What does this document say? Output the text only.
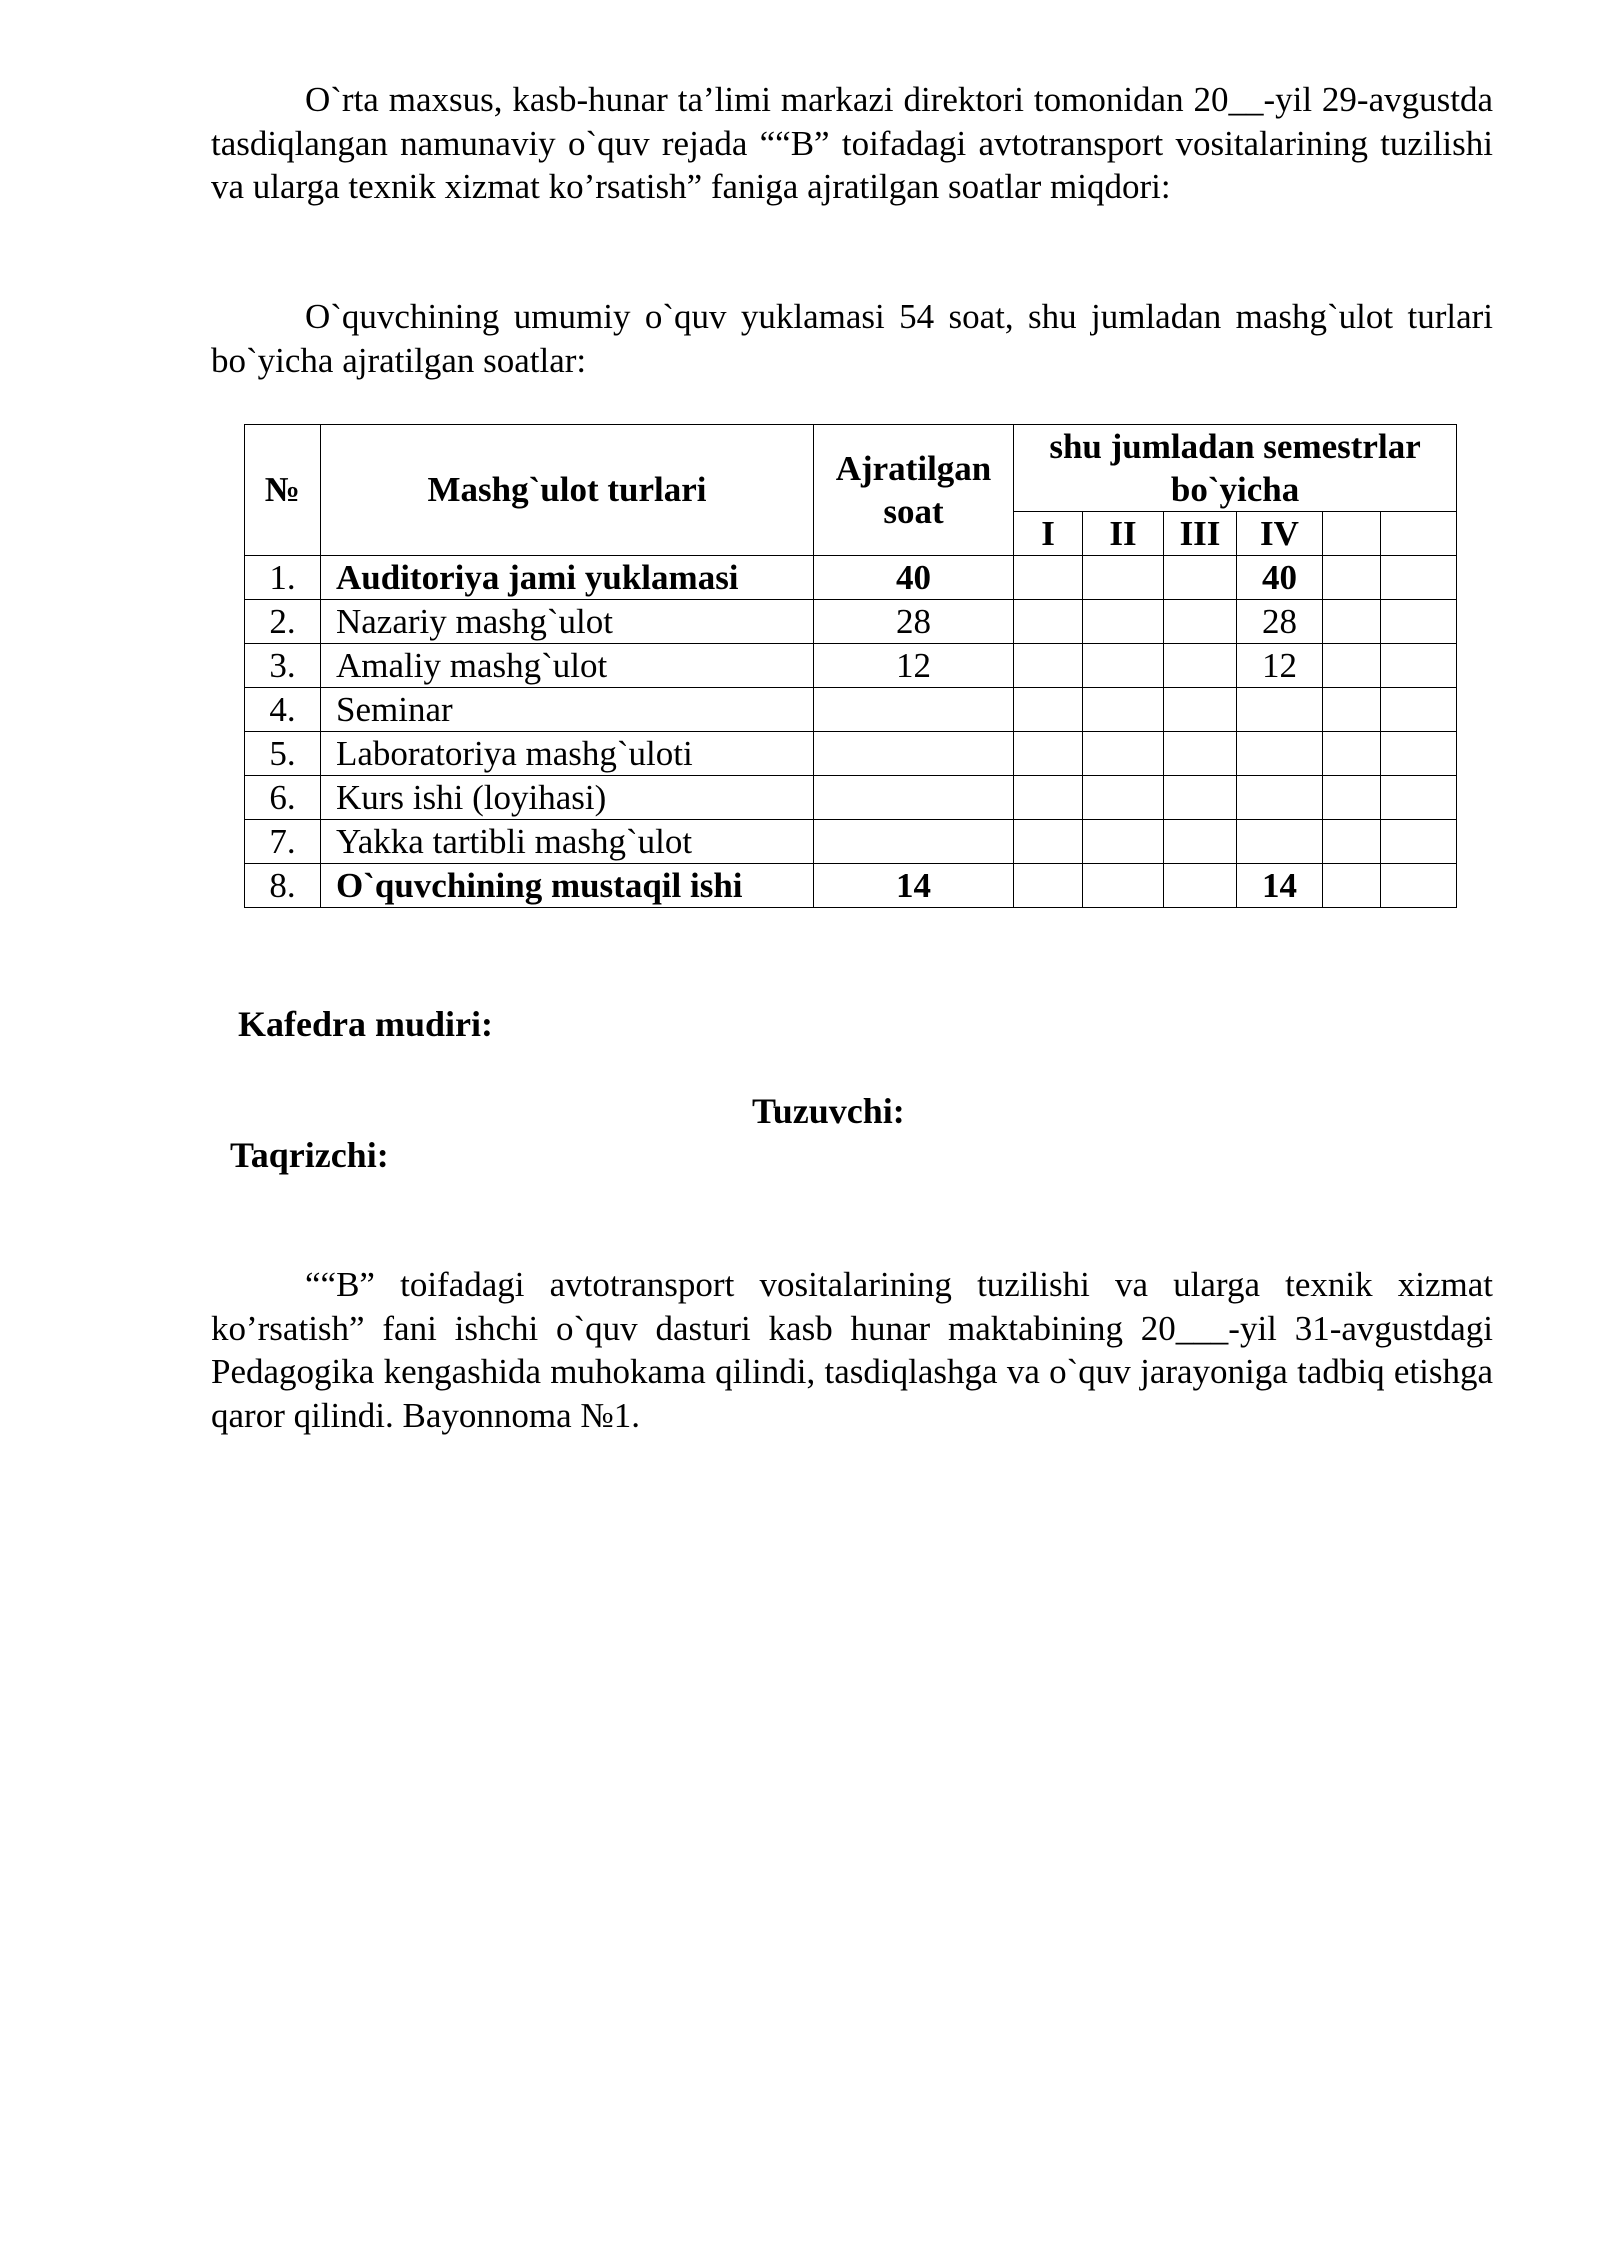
O`rta maxsus, kasb-hunar ta’limi markazi direktori tomonidan 20__-yil 29-avgustda tasdiqlangan namunaviy o`quv rejada ““B” toifadagi avtotransport vositalarining tuzilishi va ularga texnik xizmat ko’rsatish” faniga ajratilgan soatlar miqdori:

O`quvchining umumiy o`quv yuklamasi 54 soat, shu jumladan mashg`ulot turlari bo`yicha ajratilgan soatlar:

№	Mashg`ulot turlari	Ajratilgan soat	shu jumladan semestrlar bo`yicha					
			I	II	III	IV		
1.	Auditoriya jami yuklamasi	40				40		
2.	Nazariy mashg`ulot	28				28		
3.	Amaliy mashg`ulot	12				12		
4.	Seminar							
5.	Laboratoriya mashg`uloti							
6.	Kurs ishi (loyihasi)							
7.	Yakka tartibli mashg`ulot							
8.	O`quvchining mustaqil ishi	14				14		

Kafedra mudiri:

Tuzuvchi:

Taqrizchi:

““B” toifadagi avtotransport vositalarining tuzilishi va ularga texnik xizmat ko’rsatish” fani ishchi o`quv dasturi kasb hunar maktabining 20___-yil 31-avgustdagi Pedagogika kengashida muhokama qilindi, tasdiqlashga va o`quv jarayoniga tadbiq etishga qaror qilindi. Bayonnoma №1.
